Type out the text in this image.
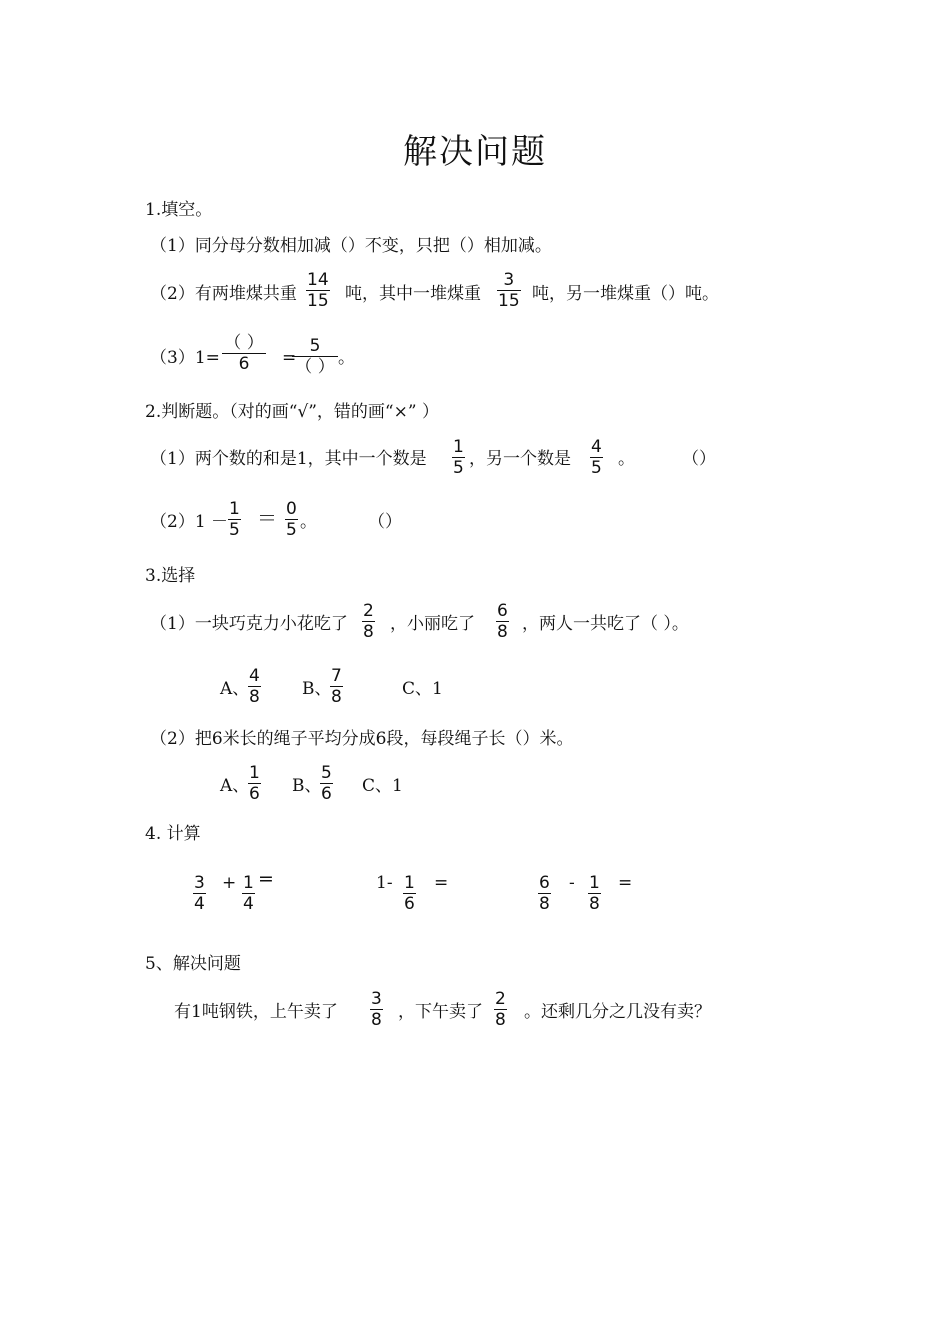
解决问题
1.填空。
（1）同分母分数相加减（）不变，只把（）相加减。
（2）有两堆煤共重 $\frac{14}{15}$ 吨，其中一堆煤重 $\frac{3}{15}$ 吨，另一堆煤重（）吨。
（3）1=
（ ）
6	=
5
（ ） 。
2.判断题。（对的画“√”，错的画“×” ）
（1）两个数的和是1，其中一个数是 $\frac{1}{5}$ ，另一个数是 $\frac{4}{5}$ 。	（）
$(2)1 - \frac{1}{5} = \frac{0}{5}$ 。	（）
3.选择
（1）一块巧克力小花吃了 $\frac{2}{8}$ ，小丽吃了 $\frac{6}{8}$ ，两人一共吃了（ ）。
A、
$\frac{4}{8}$ B、
$\frac{7}{8}$	C、1
（2）把6米长的绳子平均分成6段，每段绳子长（）米。
A、
$\frac{1}{6}$ B、
$\frac{5}{6}$ C、1
4. 计算
$\frac{3}{4} + \frac{1}{4}$ =	$1- \frac{1}{6}$ =	$\frac{6}{8} - \frac{1}{8}$ =
5、解决问题
有1吨钢铁，上午卖了 $\frac{3}{8}$ ，下午卖了 $\frac{2}{8}$ 。还剩几分之几没有卖？
